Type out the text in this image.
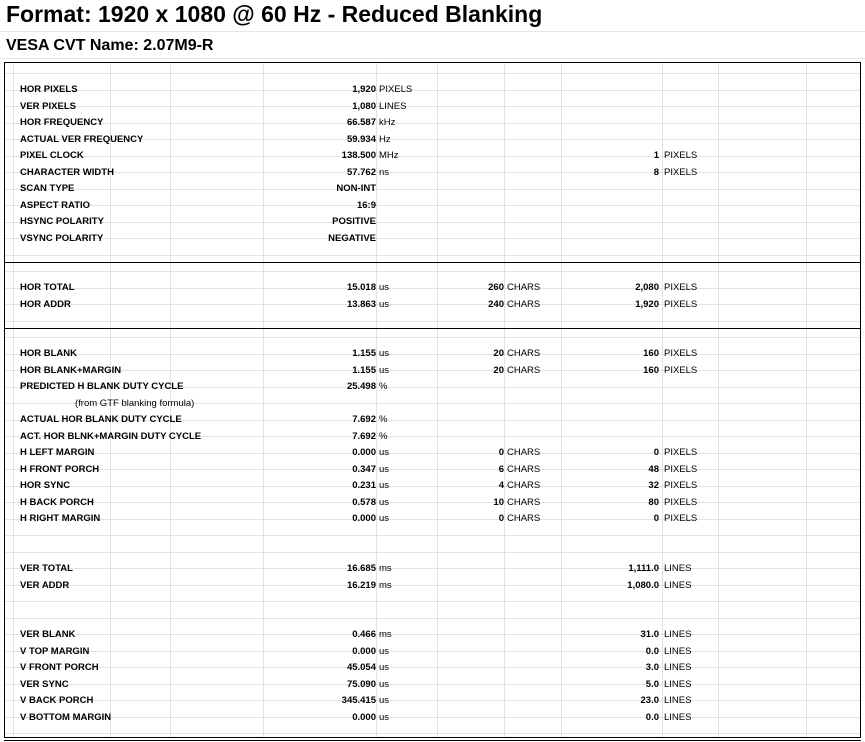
Format: 1920 x 1080 @ 60 Hz - Reduced Blanking
VESA CVT Name: 2.07M9-R
HOR PIXELS	1,920 PIXELS
VER PIXELS	1,080 LINES
HOR FREQUENCY	66.587 kHz
ACTUAL VER FREQUENCY	59.934 Hz
PIXEL CLOCK	138.500 MHz	1 PIXELS
CHARACTER WIDTH	57.762 ns	8 PIXELS
SCAN TYPE	NON-INT
ASPECT RATIO	16:9
HSYNC POLARITY	POSITIVE
VSYNC POLARITY	NEGATIVE
HOR TOTAL	15.018 us	260 CHARS	2,080 PIXELS
HOR ADDR	13.863 us	240 CHARS	1,920 PIXELS
HOR BLANK	1.155 us	20 CHARS	160 PIXELS
HOR BLANK+MARGIN	1.155 us	20 CHARS	160 PIXELS
PREDICTED H BLANK DUTY CYCLE	25.498 %
(from GTF blanking formula)
ACTUAL HOR BLANK DUTY CYCLE	7.692 %
ACT. HOR BLNK+MARGIN DUTY CYCLE	7.692 %
H LEFT MARGIN	0.000 us	0 CHARS	0 PIXELS
H FRONT PORCH	0.347 us	6 CHARS	48 PIXELS
HOR SYNC	0.231 us	4 CHARS	32 PIXELS
H BACK PORCH	0.578 us	10 CHARS	80 PIXELS
H RIGHT MARGIN	0.000 us	0 CHARS	0 PIXELS
VER TOTAL	16.685 ms	1,111.0 LINES
VER ADDR	16.219 ms	1,080.0 LINES
VER BLANK	0.466 ms	31.0 LINES
V TOP MARGIN	0.000 us	0.0 LINES
V FRONT PORCH	45.054 us	3.0 LINES
VER SYNC	75.090 us	5.0 LINES
V BACK PORCH	345.415 us	23.0 LINES
V BOTTOM MARGIN	0.000 us	0.0 LINES
